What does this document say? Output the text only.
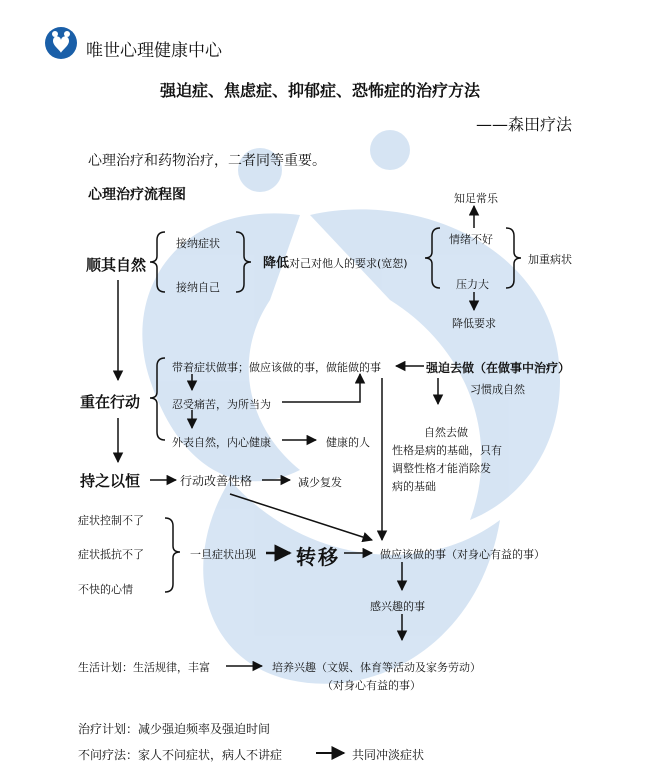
唯世心理健康中心
强迫症、焦虑症、抑郁症、恐怖症的治疗方法
——森田疗法
心理治疗和药物治疗，二者同等重要。
心理治疗流程图
顺其自然
接纳症状
接纳自己
降低对己对他人的要求(宽恕)
知足常乐
情绪不好
压力大
加重病状
降低要求
重在行动
带着症状做事；做应该做的事，做能做的事	强迫去做（在做事中治疗）
习惯成自然
忍受痛苦，为所当为
外表自然，内心健康	健康的人
自然去做
性格是病的基础，只有
调整性格才能消除发
病的基础
持之以恒	行动改善性格	减少复发
症状控制不了
症状抵抗不了
不快的心情
一旦症状出现 转移	做应该做的事（对身心有益的事）
感兴趣的事
生活计划：生活规律，丰富	培养兴趣（文娱、体育等活动及家务劳动）
（对身心有益的事）
治疗计划：减少强迫频率及强迫时间
不问疗法：家人不问症状，病人不讲症	共同冲淡症状
